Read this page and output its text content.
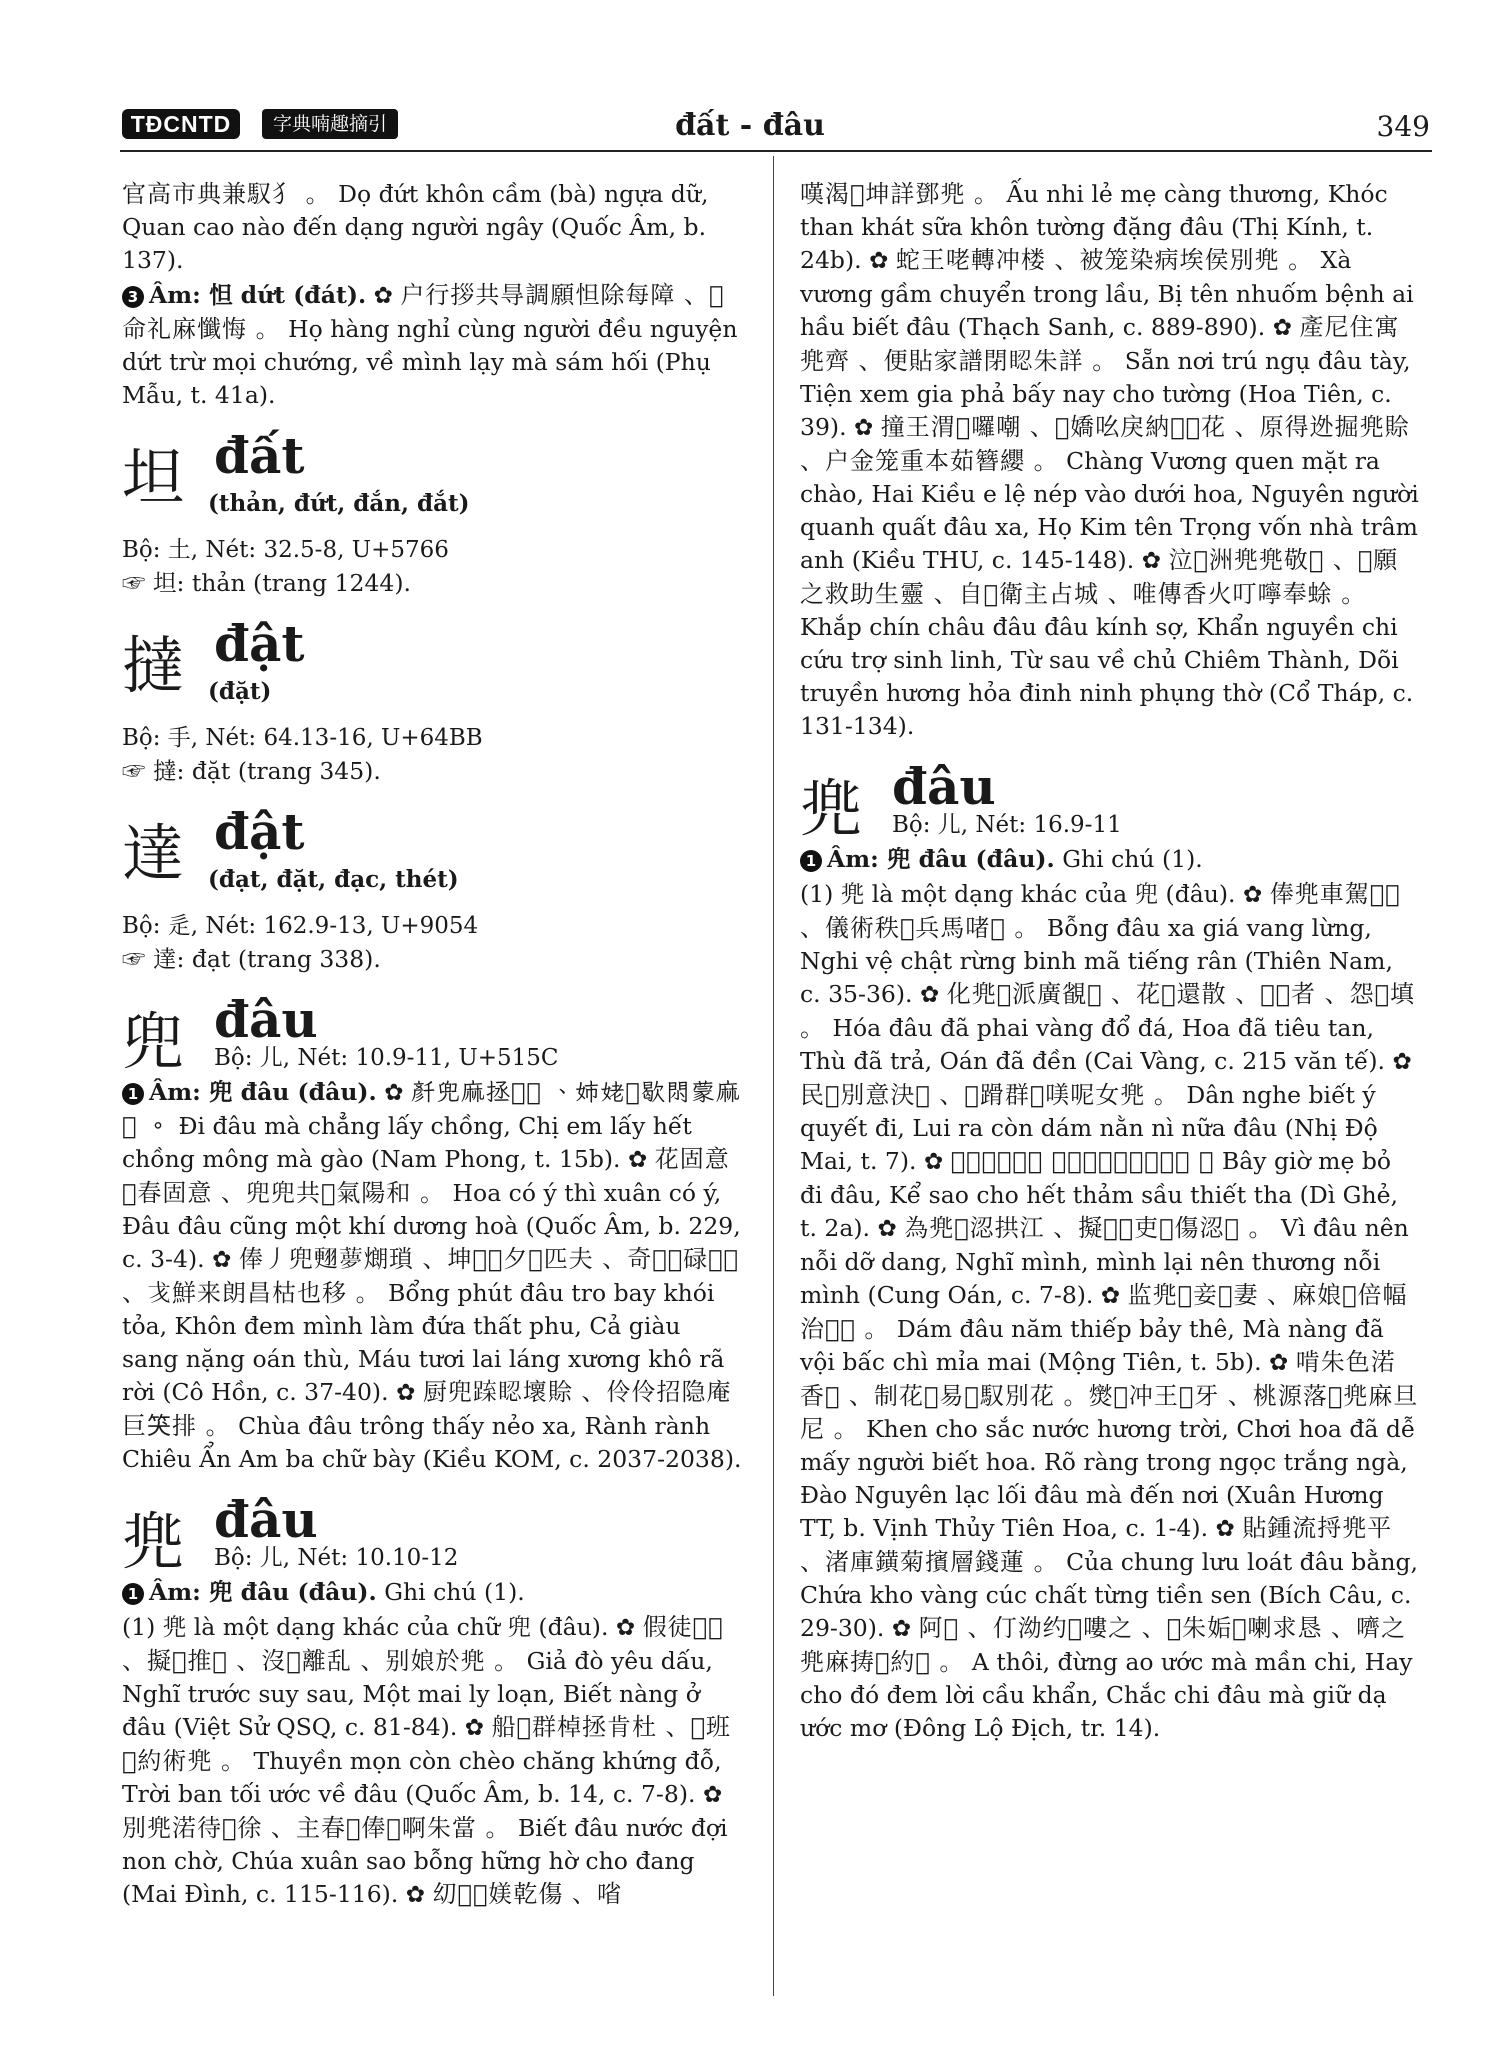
TĐCNTD	字典喃趣摘引	đất - đâu	349

官高市典兼馭犭 。 Dọ đứt khôn cầm (bà) ngựa dữ, Quan cao nào đến dạng người ngây (Quốc Âm, b. 137).

3 Âm: 怛 dứt (đát). ✿ 户行拶共㝵調願怛除每障 、𤼸命礼麻懺悔 。 Họ hàng nghỉ cùng người đều nguyện dứt trừ mọi chướng, về mình lạy mà sám hối (Phụ Mẫu, t. 41a).

坦 đất
(thản, đứt, đắn, đắt)
Bộ: 土, Nét: 32.5-8, U+5766
☞ 坦: thản (trang 1244).
撻 đật
(đặt)
Bộ: 手, Nét: 64.13-16, U+64BB
☞ 撻: đặt (trang 345).
達 đật
(đạt, đặt, đạc, thét)
Bộ: 辵, Nét: 162.9-13, U+9054
☞ 達: đạt (trang 338).
兜 đâu
Bộ: 儿, Nét: 10.9-11, U+515C

1 Âm: 兜 đâu (đâu). ✿ 𠦳兜麻拯𥙩𣛠 、姉姥𥙩歇𨳒蒙麻𠰘 。 Đi đâu mà chẳng lấy chồng, Chị em lấy hết chồng mông mà gào (Nam Phong, t. 15b). ✿ 花固意𨤔春固意 、兜兜共𤕔氣陽和 。 Hoa có ý thì xuân có ý, Đâu đâu cũng một khí dương hoà (Quốc Âm, b. 229, c. 3-4). ✿ 俸丿兜𦑃𦿏𤎜瑣 、坤𢬣𨉟夕𠀧匹夫 、奇𣠗𦋦碌𢚸𢜝 、𢦍鮮来朗昌枯也移 。 Bổng phút đâu tro bay khói tỏa, Khôn đem mình làm đứa thất phu, Cả giàu sang nặng oán thù, Máu tươi lai láng xương khô rã rời (Cô Hồn, c. 37-40). ✿ 厨兜𨁻𥆾壞賒 、伶伶招隐庵巨𥬇排 。 Chùa đâu trông thấy nẻo xa, Rành rành Chiêu Ẩn Am ba chữ bày (Kiều KOM, c. 2037-2038).

兠 đâu
Bộ: 儿, Nét: 10.10-12

1 Âm: 兜 đâu (đâu). Ghi chú (1).

(1) 兠 là một dạng khác của chữ 兜 (đâu). ✿ 假徒𢜠𢟘 、擬𣋚推𢨝 、沒𣋚離乱 、别娘於兠 。 Giả đò yêu dấu, Nghĩ trước suy sau, Một mai ly loạn, Biết nàng ở đâu (Việt Sử QSQ, c. 81-84). ✿ 船𨑗群棹拯肯杜 、𡗶班𣅶約術兠 。 Thuyền mọn còn chèo chăng khứng đỗ, Trời ban tối ước về đâu (Quốc Âm, b. 14, c. 7-8). ✿ 別兠渃待𣘃徐 、主春𢛨俸𠽆啊朱當 。 Biết đâu nước đợi non chờ, Chúa xuân sao bỗng hững hờ cho đang (Mai Đình, c. 115-116). ✿ 㓜𠒦𥙩媄乾傷 、㗂

嘆渴𣜾坤詳鄧兠 。 Ấu nhi lẻ mẹ càng thương, Khóc than khát sữa khôn tường đặng đâu (Thị Kính, t. 24b). ✿ 蛇王咾轉冲楼 、被笼染病埃侯別兠 。 Xà vương gầm chuyển trong lầu, Bị tên nhuốm bệnh ai hầu biết đâu (Thạch Sanh, c. 889-890). ✿ 產尼住寓兠齊 、便貼家譜閉𥆾朱詳 。 Sẵn nơi trú ngụ đâu tày, Tiện xem gia phả bấy nay cho tường (Hoa Tiên, c. 39). ✿ 撞王渭𣘃囉嘲 、𠇍嬌吆戾納𨨨𦲿花 、原得迯掘兠賒 、户金笼重本茹簪纓 。 Chàng Vương quen mặt ra chào, Hai Kiều e lệ nép vào dưới hoa, Nguyên người quanh quất đâu xa, Họ Kim tên Trọng vốn nhà trâm anh (Kiều THU, c. 145-148). ✿ 泣𢚸洲兠兠敬𢜝 、𢜠願之救助生靈 、自𨖲衛主占城 、唯傳香火叮嚀奉蜍 。 Khắp chín châu đâu đâu kính sợ, Khẩn nguyền chi cứu trợ sinh linh, Từ sau về chủ Chiêm Thành, Dõi truyền hương hỏa đinh ninh phụng thờ (Cổ Tháp, c. 131-134).

兠 đâu
Bộ: 儿, Nét: 16.9-11

1 Âm: 兜 đâu (đâu). Ghi chú (1).

(1) 兠 là một dạng khác của 兜 (đâu). ✿ 俸兠車駕𠻵𠰚 、儀術秩𣘃兵馬啫𠰘 。 Bỗng đâu xa giá vang lừng, Nghi vệ chật rừng binh mã tiếng rân (Thiên Nam, c. 35-36). ✿ 化兠𢂎派廣䚇𨀈 、花𢂎還散 、𩄲𢂎者 、怨𢂎填 。 Hóa đâu đã phai vàng đổ đá, Hoa đã tiêu tan, Thù đã trả, Oán đã đền (Cai Vàng, c. 215 văn tế). ✿ 民𦖑別意決𠦳 、𨅸𨃴群𥬇𠸍呢女兠 。 Dân nghe biết ý quyết đi, Lui ra còn dám nằn nì nữa đâu (Nhị Độ Mai, t. 7). ✿ 𣇞賒媄𢯰𠦳兠 、計牢朱𣘃慘愁切他 。 Bây giờ mẹ bỏ đi đâu, Kể sao cho hết thảm sầu thiết tha (Dì Ghẻ, t. 2a). ✿ 為兠𢚸涊拱江 、擬𨉟𨉟吏𢚸傷涊𨉟 。 Vì đâu nên nỗi dỡ dang, Nghĩ mình, mình lại nên thương nỗi mình (Cung Oán, c. 7-8). ✿ 监兠𥿗妾𢹣妻 、麻娘𢂎倍幅治𡃊𠻀 。 Dám đâu năm thiếp bảy thê, Mà nàng đã vội bấc chì mỉa mai (Mộng Tiên, t. 5b). ✿ 啃朱色渃香𡗶 、制花𢂎易𠇍馭別花 。㸉𡛔冲王𡶀牙 、桃源落𨁪兠麻旦尼 。 Khen cho sắc nước hương trời, Chơi hoa đã dễ mấy người biết hoa. Rõ ràng trong ngọc trắng ngà, Đào Nguyên lạc lối đâu mà đến nơi (Xuân Hương TT, b. Vịnh Thủy Tiên Hoa, c. 1-4). ✿ 貼鍾流捋兠平 、渚庫鐄菊擯層錢蓮 。 Của chung lưu loát đâu bằng, Chứa kho vàng cúc chất từng tiền sen (Bích Câu, c. 29-30). ✿ 阿𠊚 、仃泑约𢢯嘍之 、𡗶朱姤𢬭喇求恳 、嚌之兠麻𢭏𧿨約𣉹 。 A thôi, đừng ao ước mà mần chi, Hay cho đó đem lời cầu khẩn, Chắc chi đâu mà giữ dạ ước mơ (Đông Lộ Địch, tr. 14).
